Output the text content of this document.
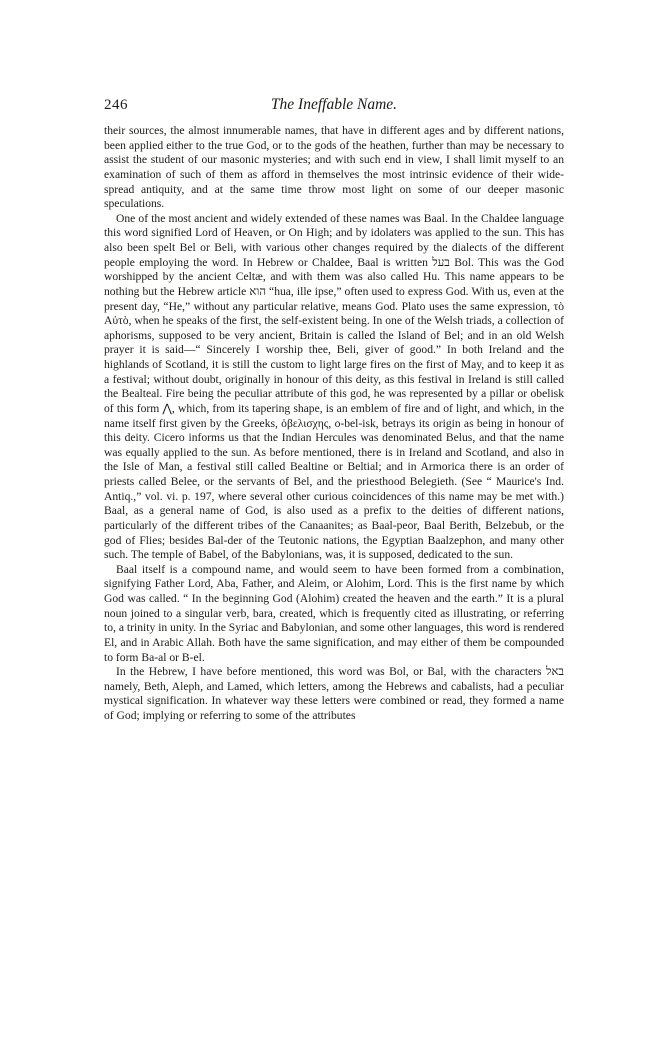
246	The Ineffable Name.

their sources, the almost innumerable names, that have in different ages and by different nations, been applied either to the true God, or to the gods of the heathen, further than may be necessary to assist the student of our masonic mysteries; and with such end in view, I shall limit myself to an examination of such of them as afford in themselves the most intrinsic evidence of their wide-spread antiquity, and at the same time throw most light on some of our deeper masonic speculations.

One of the most ancient and widely extended of these names was Baal. In the Chaldee language this word signified Lord of Heaven, or On High; and by idolaters was applied to the sun. This has also been spelt Bel or Beli, with various other changes required by the dialects of the different people employing the word. In Hebrew or Chaldee, Baal is written בעל Bol. This was the God worshipped by the ancient Celtæ, and with them was also called Hu. This name appears to be nothing but the Hebrew article הוא “hua, ille ipse,” often used to express God. With us, even at the present day, “He,” without any particular relative, means God. Plato uses the same expression, τὸ Αὐτὸ, when he speaks of the first, the self-existent being. In one of the Welsh triads, a collection of aphorisms, supposed to be very ancient, Britain is called the Island of Bel; and in an old Welsh prayer it is said—“ Sincerely I worship thee, Beli, giver of good.” In both Ireland and the highlands of Scotland, it is still the custom to light large fires on the first of May, and to keep it as a festival; without doubt, originally in honour of this deity, as this festival in Ireland is still called the Bealteal. Fire being the peculiar attribute of this god, he was represented by a pillar or obelisk of this form ⋀, which, from its tapering shape, is an emblem of fire and of light, and which, in the name itself first given by the Greeks, ὀβελισχης, o-bel-isk, betrays its origin as being in honour of this deity. Cicero informs us that the Indian Hercules was denominated Belus, and that the name was equally applied to the sun. As before mentioned, there is in Ireland and Scotland, and also in the Isle of Man, a festival still called Bealtine or Beltial; and in Armorica there is an order of priests called Belee, or the servants of Bel, and the priesthood Belegieth. (See “ Maurice's Ind. Antiq.,” vol. vi. p. 197, where several other curious coincidences of this name may be met with.) Baal, as a general name of God, is also used as a prefix to the deities of different nations, particularly of the different tribes of the Canaanites; as Baal-peor, Baal Berith, Belzebub, or the god of Flies; besides Bal-der of the Teutonic nations, the Egyptian Baalzephon, and many other such. The temple of Babel, of the Babylonians, was, it is supposed, dedicated to the sun.

Baal itself is a compound name, and would seem to have been formed from a combination, signifying Father Lord, Aba, Father, and Aleim, or Alohim, Lord. This is the first name by which God was called. “ In the beginning God (Alohim) created the heaven and the earth.” It is a plural noun joined to a singular verb, bara, created, which is frequently cited as illustrating, or referring to, a trinity in unity. In the Syriac and Babylonian, and some other languages, this word is rendered El, and in Arabic Allah. Both have the same signification, and may either of them be compounded to form Ba-al or B-el.

In the Hebrew, I have before mentioned, this word was Bol, or Bal, with the characters באל namely, Beth, Aleph, and Lamed, which letters, among the Hebrews and cabalists, had a peculiar mystical signification. In whatever way these letters were combined or read, they formed a name of God; implying or referring to some of the attributes
